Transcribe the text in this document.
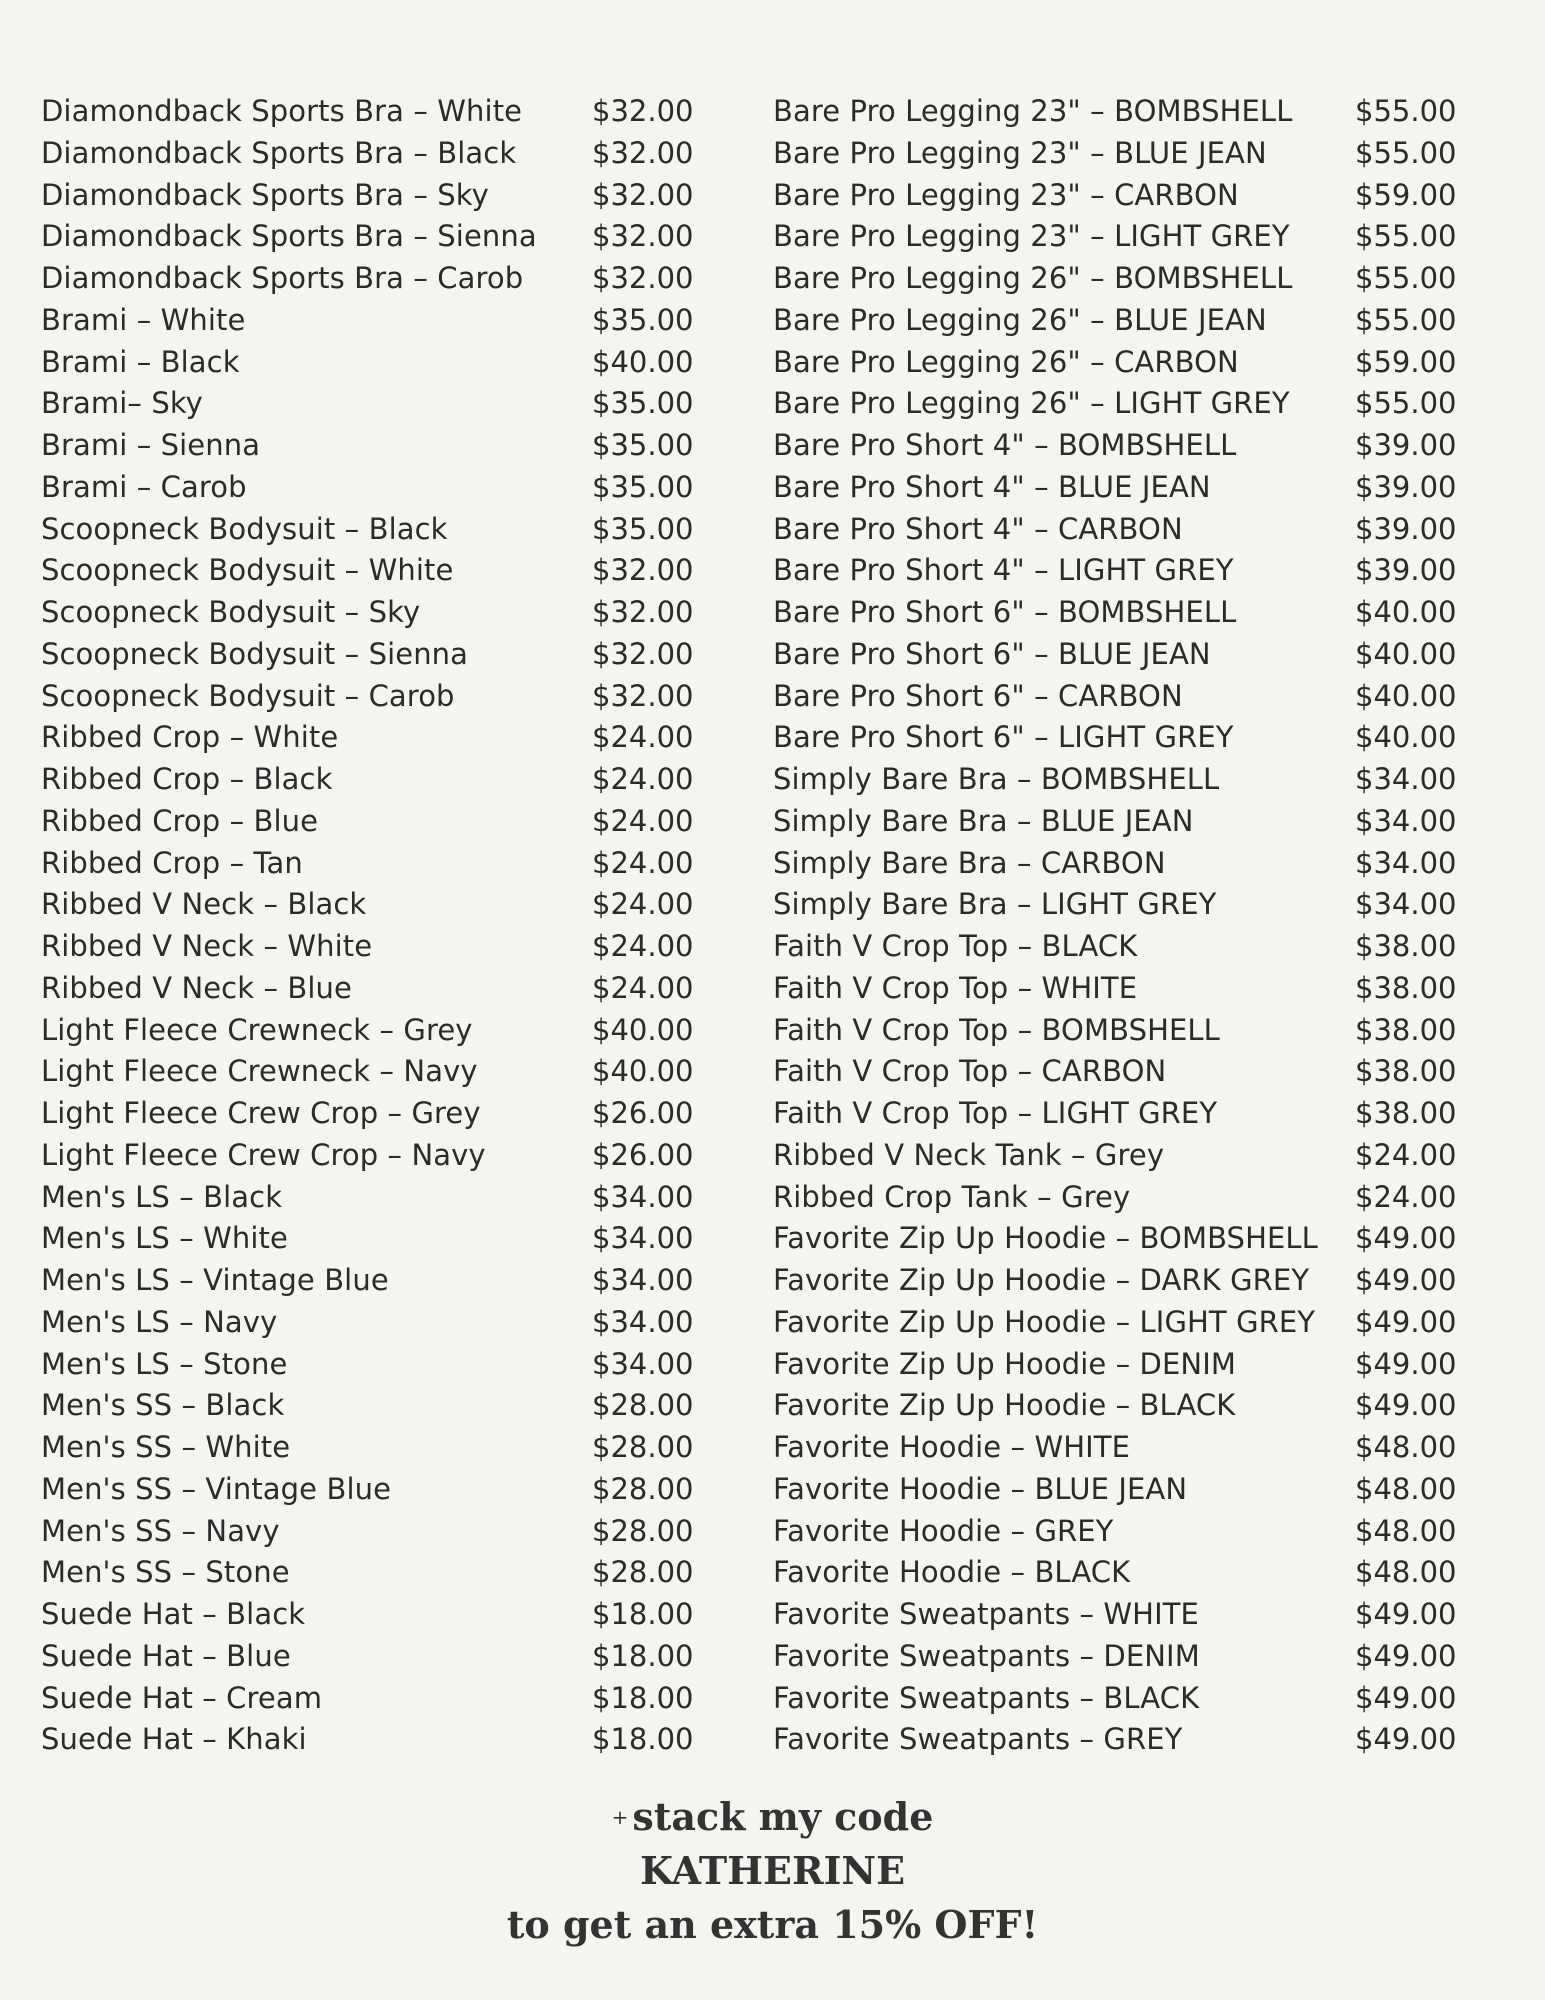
Diamondback Sports Bra – White $32.00
Diamondback Sports Bra – Black	$32.00
Diamondback Sports Bra – Sky	$32.00
Diamondback Sports Bra – Sienna $32.00
Diamondback Sports Bra – Carob $32.00
Brami – White	$35.00
Brami – Black	$40.00
Brami– Sky	$35.00
Brami – Sienna	$35.00
Brami – Carob	$35.00
Scoopneck Bodysuit – Black	$35.00
Scoopneck Bodysuit – White	$32.00
Scoopneck Bodysuit – Sky	$32.00
Scoopneck Bodysuit – Sienna	$32.00
Scoopneck Bodysuit – Carob	$32.00
Ribbed Crop – White	$24.00
Ribbed Crop – Black	$24.00
Ribbed Crop – Blue	$24.00
Ribbed Crop – Tan	$24.00
Ribbed V Neck – Black	$24.00
Ribbed V Neck – White	$24.00
Ribbed V Neck – Blue	$24.00
Light Fleece Crewneck – Grey	$40.00
Light Fleece Crewneck – Navy	$40.00
Light Fleece Crew Crop – Grey	$26.00
Light Fleece Crew Crop – Navy	$26.00
Men's LS – Black	$34.00
Men's LS – White	$34.00
Men's LS – Vintage Blue	$34.00
Men's LS – Navy	$34.00
Men's LS – Stone	$34.00
Men's SS – Black	$28.00
Men's SS – White	$28.00
Men's SS – Vintage Blue	$28.00
Men's SS – Navy	$28.00
Men's SS – Stone	$28.00
Suede Hat – Black	$18.00
Suede Hat – Blue	$18.00
Suede Hat – Cream	$18.00
Suede Hat – Khaki	$18.00
Bare Pro Legging 23" – BOMBSHELL $55.00
Bare Pro Legging 23" – BLUE JEAN	$55.00
Bare Pro Legging 23" – CARBON	$59.00
Bare Pro Legging 23" – LIGHT GREY $55.00
Bare Pro Legging 26" – BOMBSHELL $55.00
Bare Pro Legging 26" – BLUE JEAN	$55.00
Bare Pro Legging 26" – CARBON	$59.00
Bare Pro Legging 26" – LIGHT GREY $55.00
Bare Pro Short 4" – BOMBSHELL	$39.00
Bare Pro Short 4" – BLUE JEAN	$39.00
Bare Pro Short 4" – CARBON	$39.00
Bare Pro Short 4" – LIGHT GREY	$39.00
Bare Pro Short 6" – BOMBSHELL	$40.00
Bare Pro Short 6" – BLUE JEAN	$40.00
Bare Pro Short 6" – CARBON	$40.00
Bare Pro Short 6" – LIGHT GREY	$40.00
Simply Bare Bra – BOMBSHELL	$34.00
Simply Bare Bra – BLUE JEAN	$34.00
Simply Bare Bra – CARBON	$34.00
Simply Bare Bra – LIGHT GREY	$34.00
Faith V Crop Top – BLACK	$38.00
Faith V Crop Top – WHITE	$38.00
Faith V Crop Top – BOMBSHELL	$38.00
Faith V Crop Top – CARBON	$38.00
Faith V Crop Top – LIGHT GREY	$38.00
Ribbed V Neck Tank – Grey	$24.00
Ribbed Crop Tank – Grey	$24.00
Favorite Zip Up Hoodie – BOMBSHELL $49.00
Favorite Zip Up Hoodie – DARK GREY $49.00
Favorite Zip Up Hoodie – LIGHT GREY $49.00
Favorite Zip Up Hoodie – DENIM	$49.00
Favorite Zip Up Hoodie – BLACK	$49.00
Favorite Hoodie – WHITE	$48.00
Favorite Hoodie – BLUE JEAN	$48.00
Favorite Hoodie – GREY	$48.00
Favorite Hoodie – BLACK	$48.00
Favorite Sweatpants – WHITE	$49.00
Favorite Sweatpants – DENIM	$49.00
Favorite Sweatpants – BLACK	$49.00
Favorite Sweatpants – GREY	$49.00
+ stack my code
KATHERINE
to get an extra 15% OFF!
